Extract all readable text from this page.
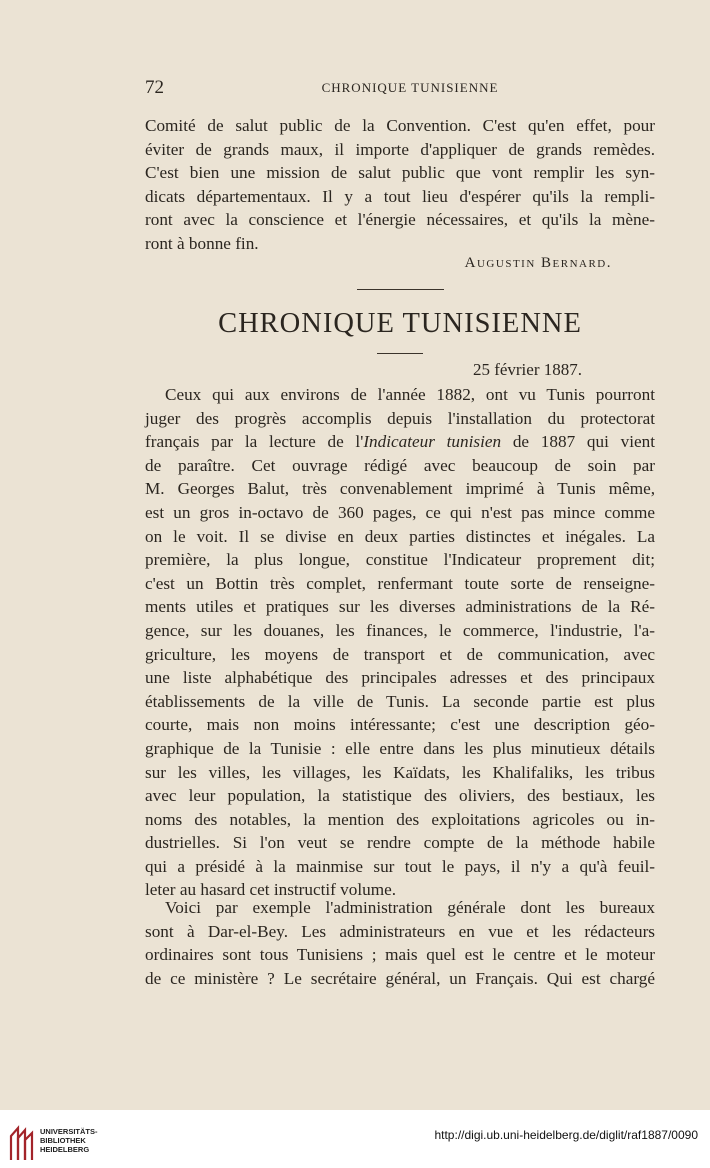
72	CHRONIQUE TUNISIENNE
Comité de salut public de la Convention. C'est qu'en effet, pour
éviter de grands maux, il importe d'appliquer de grands remèdes.
C'est bien une mission de salut public que vont remplir les syn-
dicats départementaux. Il y a tout lieu d'espérer qu'ils la rempli-
ront avec la conscience et l'énergie nécessaires, et qu'ils la mène-
ront à bonne fin.
Augustin Bernard.
CHRONIQUE TUNISIENNE
25 février 1887.
Ceux qui aux environs de l'année 1882, ont vu Tunis pourront
juger des progrès accomplis depuis l'installation du protectorat
français par la lecture de l'Indicateur tunisien de 1887 qui vient
de paraître. Cet ouvrage rédigé avec beaucoup de soin par
M. Georges Balut, très convenablement imprimé à Tunis même,
est un gros in-octavo de 360 pages, ce qui n'est pas mince comme
on le voit. Il se divise en deux parties distinctes et inégales. La
première, la plus longue, constitue l'Indicateur proprement dit;
c'est un Bottin très complet, renfermant toute sorte de renseigne-
ments utiles et pratiques sur les diverses administrations de la Ré-
gence, sur les douanes, les finances, le commerce, l'industrie, l'a-
griculture, les moyens de transport et de communication, avec
une liste alphabétique des principales adresses et des principaux
établissements de la ville de Tunis. La seconde partie est plus
courte, mais non moins intéressante; c'est une description géo-
graphique de la Tunisie : elle entre dans les plus minutieux détails
sur les villes, les villages, les Kaïdats, les Khalifaliks, les tribus
avec leur population, la statistique des oliviers, des bestiaux, les
noms des notables, la mention des exploitations agricoles ou in-
dustrielles. Si l'on veut se rendre compte de la méthode habile
qui a présidé à la mainmise sur tout le pays, il n'y a qu'à feuil-
leter au hasard cet instructif volume.
Voici par exemple l'administration générale dont les bureaux
sont à Dar-el-Bey. Les administrateurs en vue et les rédacteurs
ordinaires sont tous Tunisiens ; mais quel est le centre et le moteur
de ce ministère ? Le secrétaire général, un Français. Qui est chargé
UNIVERSITÄTS-
BIBLIOTHEK
HEIDELBERG
http://digi.ub.uni-heidelberg.de/diglit/raf1887/0090
